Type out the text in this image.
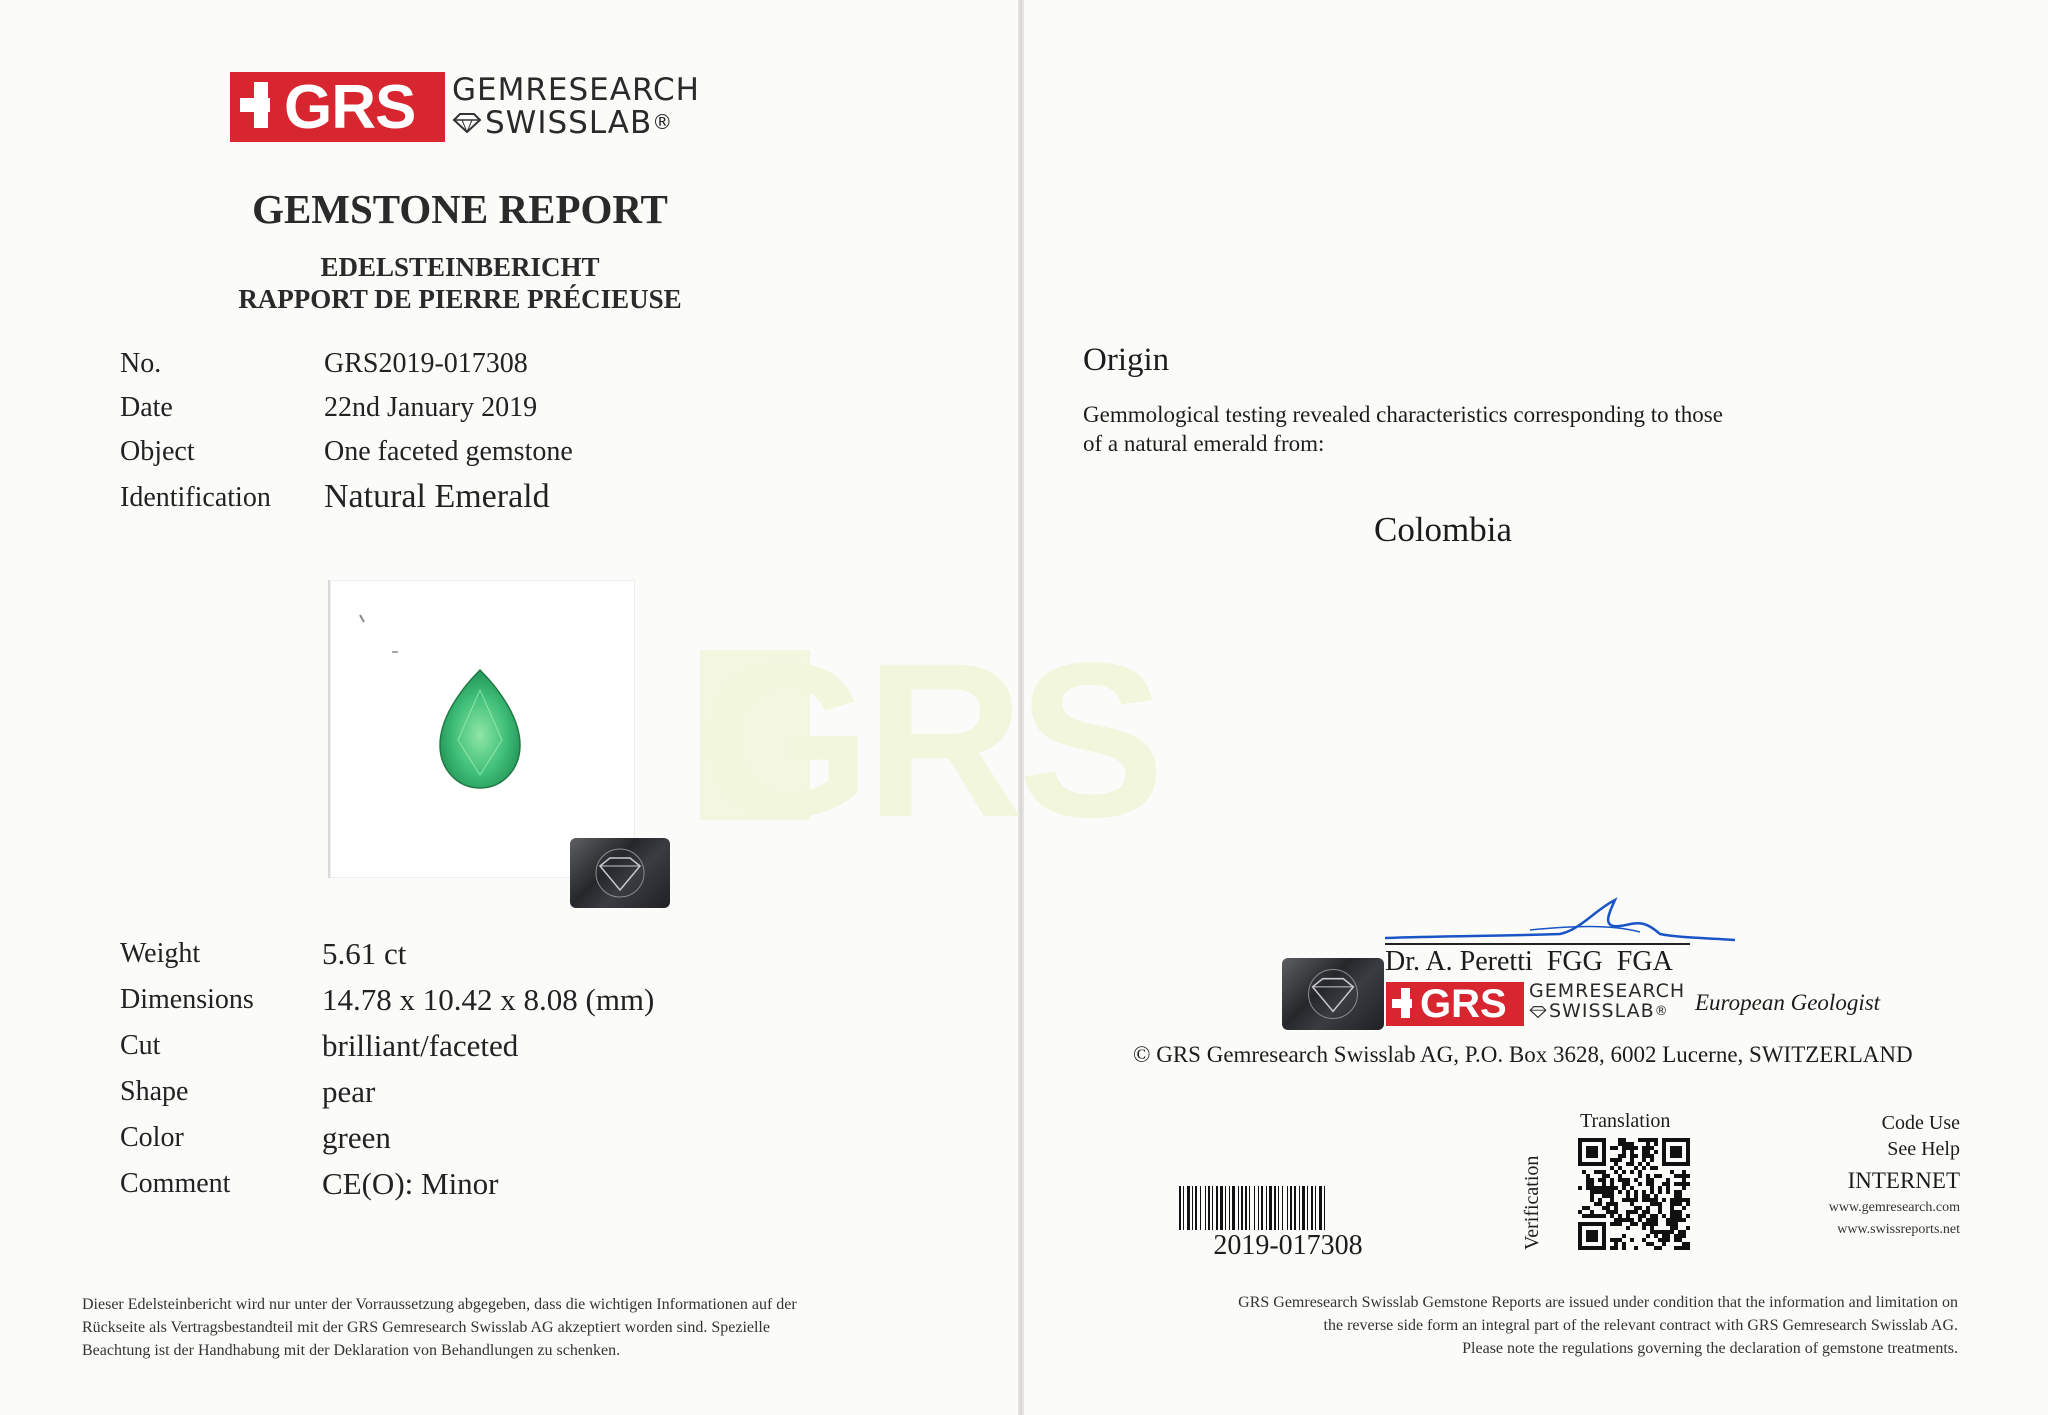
GRS
GRS GEMRESEARCH
SWISSLAB ®
GEMSTONE REPORT
EDELSTEINBERICHT
RAPPORT DE PIERRE PRÉCIEUSE
No.	GRS2019-017308
Date	22nd January 2019
Object	One faceted gemstone
Identification Natural Emerald
Weight	5.61 ct
Dimensions 14.78 x 10.42 x 8.08 (mm)
Cut	brilliant/faceted
Shape	pear
Color	green
Comment	CE(O): Minor
Dieser Edelsteinbericht wird nur unter der Vorraussetzung abgegeben, dass die wichtigen Informationen auf der
Rückseite als Vertragsbestandteil mit der GRS Gemresearch Swisslab AG akzeptiert worden sind. Spezielle
Beachtung ist der Handhabung mit der Deklaration von Behandlungen zu schenken.
Origin
Gemmological testing revealed characteristics corresponding to those
of a natural emerald from:
Colombia
Dr. A. Peretti  FGG  FGA
GRS GEMRESEARCH
SWISSLAB ® European Geologist
© GRS Gemresearch Swisslab AG, P.O. Box 3628, 6002 Lucerne, SWITZERLAND
2019-017308	Verification
Translation	Code Use
See Help
INTERNET
www.gemresearch.com
www.swissreports.net
GRS Gemresearch Swisslab Gemstone Reports are issued under condition that the information and limitation on
the reverse side form an integral part of the relevant contract with GRS Gemresearch Swisslab AG.
Please note the regulations governing the declaration of gemstone treatments.
